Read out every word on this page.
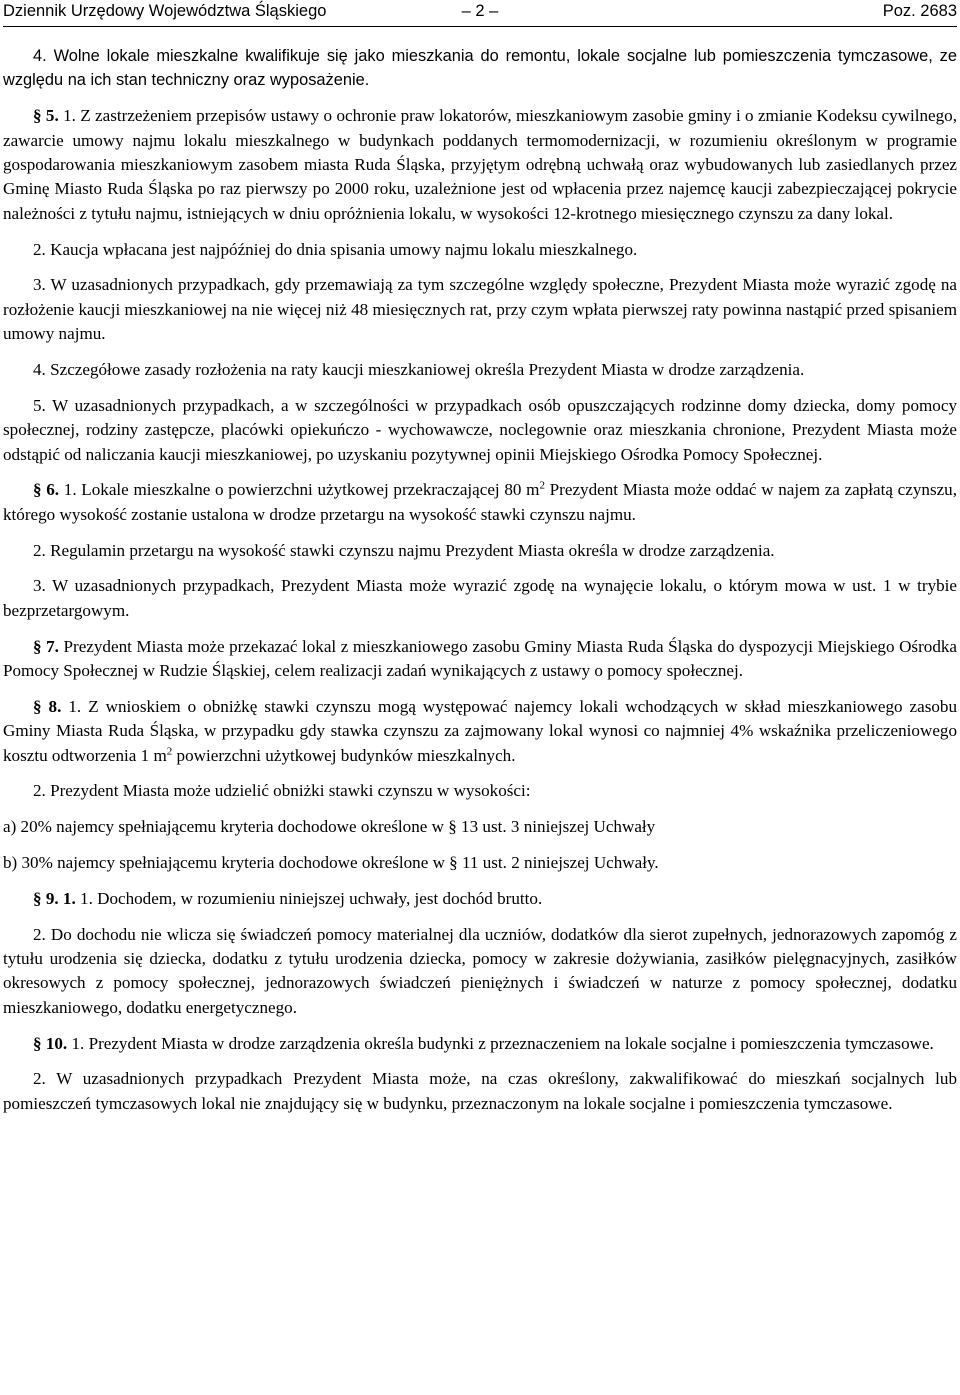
Dziennik Urzędowy Województwa Śląskiego	– 2 –	Poz. 2683

4. Wolne lokale mieszkalne kwalifikuje się jako mieszkania do remontu, lokale socjalne lub pomieszczenia tymczasowe, ze względu na ich stan techniczny oraz wyposażenie.

§ 5. 1. Z zastrzeżeniem przepisów ustawy o ochronie praw lokatorów, mieszkaniowym zasobie gminy i o zmianie Kodeksu cywilnego, zawarcie umowy najmu lokalu mieszkalnego w budynkach poddanych termomodernizacji, w rozumieniu określonym w programie gospodarowania mieszkaniowym zasobem miasta Ruda Śląska, przyjętym odrębną uchwałą oraz wybudowanych lub zasiedlanych przez Gminę Miasto Ruda Śląska po raz pierwszy po 2000 roku, uzależnione jest od wpłacenia przez najemcę kaucji zabezpieczającej pokrycie należności z tytułu najmu, istniejących w dniu opróżnienia lokalu, w wysokości 12-krotnego miesięcznego czynszu za dany lokal.

2. Kaucja wpłacana jest najpóźniej do dnia spisania umowy najmu lokalu mieszkalnego.

3. W uzasadnionych przypadkach, gdy przemawiają za tym szczególne względy społeczne, Prezydent Miasta może wyrazić zgodę na rozłożenie kaucji mieszkaniowej na nie więcej niż 48 miesięcznych rat, przy czym wpłata pierwszej raty powinna nastąpić przed spisaniem umowy najmu.

4. Szczegółowe zasady rozłożenia na raty kaucji mieszkaniowej określa Prezydent Miasta w drodze zarządzenia.

5. W uzasadnionych przypadkach, a w szczególności w przypadkach osób opuszczających rodzinne domy dziecka, domy pomocy społecznej, rodziny zastępcze, placówki opiekuńczo - wychowawcze, noclegownie oraz mieszkania chronione, Prezydent Miasta może odstąpić od naliczania kaucji mieszkaniowej, po uzyskaniu pozytywnej opinii Miejskiego Ośrodka Pomocy Społecznej.

§ 6. 1. Lokale mieszkalne o powierzchni użytkowej przekraczającej 80 $m^2$ Prezydent Miasta może oddać w najem za zapłatą czynszu, którego wysokość zostanie ustalona w drodze przetargu na wysokość stawki czynszu najmu.

2. Regulamin przetargu na wysokość stawki czynszu najmu Prezydent Miasta określa w drodze zarządzenia.

3. W uzasadnionych przypadkach, Prezydent Miasta może wyrazić zgodę na wynajęcie lokalu, o którym mowa w ust. 1 w trybie bezprzetargowym.

§ 7. Prezydent Miasta może przekazać lokal z mieszkaniowego zasobu Gminy Miasta Ruda Śląska do dyspozycji Miejskiego Ośrodka Pomocy Społecznej w Rudzie Śląskiej, celem realizacji zadań wynikających z ustawy o pomocy społecznej.

§ 8. 1. Z wnioskiem o obniżkę stawki czynszu mogą występować najemcy lokali wchodzących w skład mieszkaniowego zasobu Gminy Miasta Ruda Śląska, w przypadku gdy stawka czynszu za zajmowany lokal wynosi co najmniej 4% wskaźnika przeliczeniowego kosztu odtworzenia 1 $m^2$ powierzchni użytkowej budynków mieszkalnych.

2. Prezydent Miasta może udzielić obniżki stawki czynszu w wysokości:

a) 20% najemcy spełniającemu kryteria dochodowe określone w § 13 ust. 3 niniejszej Uchwały

b) 30% najemcy spełniającemu kryteria dochodowe określone w § 11 ust. 2 niniejszej Uchwały.

§ 9. 1. 1. Dochodem, w rozumieniu niniejszej uchwały, jest dochód brutto.

2. Do dochodu nie wlicza się świadczeń pomocy materialnej dla uczniów, dodatków dla sierot zupełnych, jednorazowych zapomóg z tytułu urodzenia się dziecka, dodatku z tytułu urodzenia dziecka, pomocy w zakresie dożywiania, zasiłków pielęgnacyjnych, zasiłków okresowych z pomocy społecznej, jednorazowych świadczeń pieniężnych i świadczeń w naturze z pomocy społecznej, dodatku mieszkaniowego, dodatku energetycznego.

§ 10. 1. Prezydent Miasta w drodze zarządzenia określa budynki z przeznaczeniem na lokale socjalne i pomieszczenia tymczasowe.

2. W uzasadnionych przypadkach Prezydent Miasta może, na czas określony, zakwalifikować do mieszkań socjalnych lub pomieszczeń tymczasowych lokal nie znajdujący się w budynku, przeznaczonym na lokale socjalne i pomieszczenia tymczasowe.
